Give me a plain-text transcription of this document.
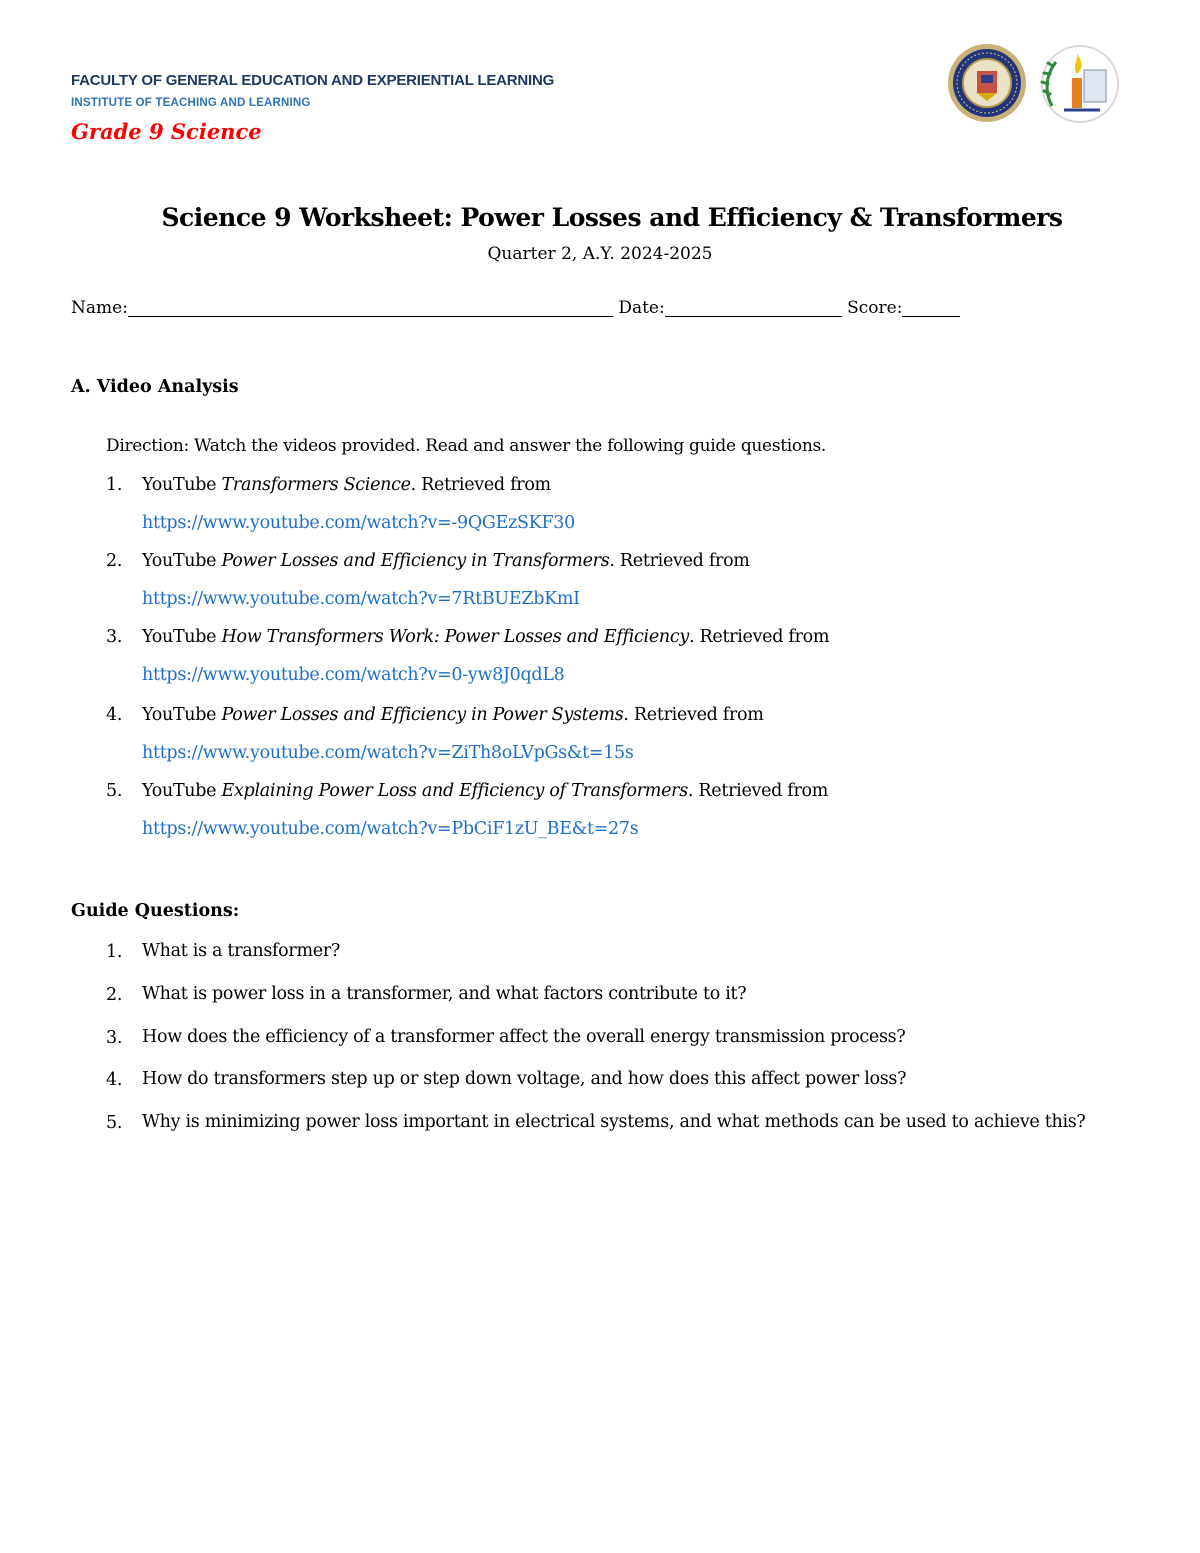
FACULTY OF GENERAL EDUCATION AND EXPERIENTIAL LEARNING
INSTITUTE OF TEACHING AND LEARNING
Grade 9 Science
Science 9 Worksheet: Power Losses and Efficiency & Transformers
Quarter 2, A.Y. 2024-2025
Name:	Date:	Score:
A. Video Analysis
Direction: Watch the videos provided. Read and answer the following guide questions.
1. YouTube Transformers Science. Retrieved from
https://www.youtube.com/watch?v=-9QGEzSKF30
2. YouTube Power Losses and Efficiency in Transformers. Retrieved from
https://www.youtube.com/watch?v=7RtBUEZbKmI
3. YouTube How Transformers Work: Power Losses and Efficiency. Retrieved from
https://www.youtube.com/watch?v=0-yw8J0qdL8
4. YouTube Power Losses and Efficiency in Power Systems. Retrieved from
https://www.youtube.com/watch?v=ZiTh8oLVpGs&t=15s
5. YouTube Explaining Power Loss and Efficiency of Transformers. Retrieved from
https://www.youtube.com/watch?v=PbCiF1zU_BE&t=27s
Guide Questions:
1. What is a transformer?
2. What is power loss in a transformer, and what factors contribute to it?
3. How does the efficiency of a transformer affect the overall energy transmission process?
4. How do transformers step up or step down voltage, and how does this affect power loss?
5. Why is minimizing power loss important in electrical systems, and what methods can be used to achieve this?
